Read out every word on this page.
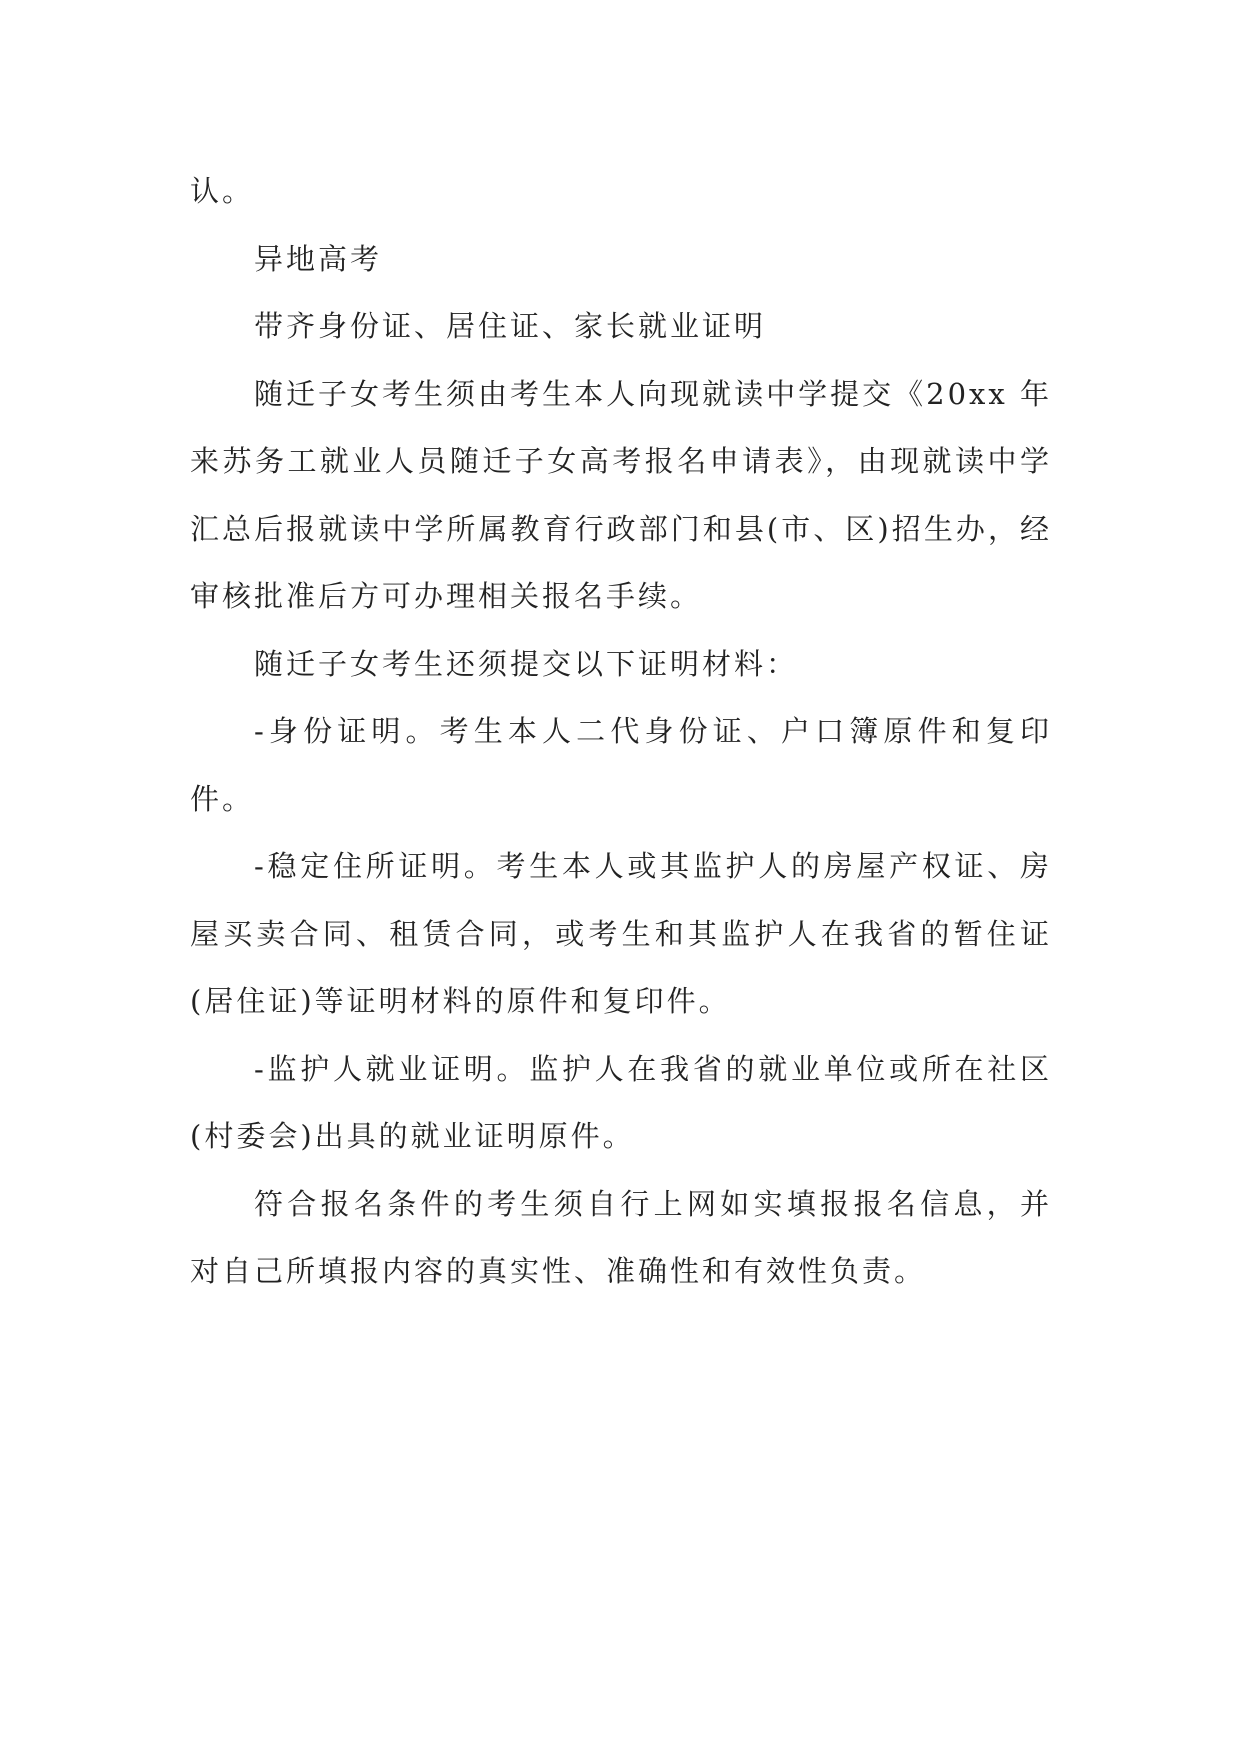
认。

异地高考

带齐身份证、居住证、家长就业证明

随迁子女考生须由考生本人向现就读中学提交《20xx 年来苏务工就业人员随迁子女高考报名申请表》，由现就读中学汇总后报就读中学所属教育行政部门和县(市、区)招生办，经审核批准后方可办理相关报名手续。

随迁子女考生还须提交以下证明材料：

-身份证明。考生本人二代身份证、户口簿原件和复印件。

-稳定住所证明。考生本人或其监护人的房屋产权证、房屋买卖合同、租赁合同，或考生和其监护人在我省的暂住证(居住证)等证明材料的原件和复印件。

-监护人就业证明。监护人在我省的就业单位或所在社区(村委会)出具的就业证明原件。

符合报名条件的考生须自行上网如实填报报名信息，并对自己所填报内容的真实性、准确性和有效性负责。
